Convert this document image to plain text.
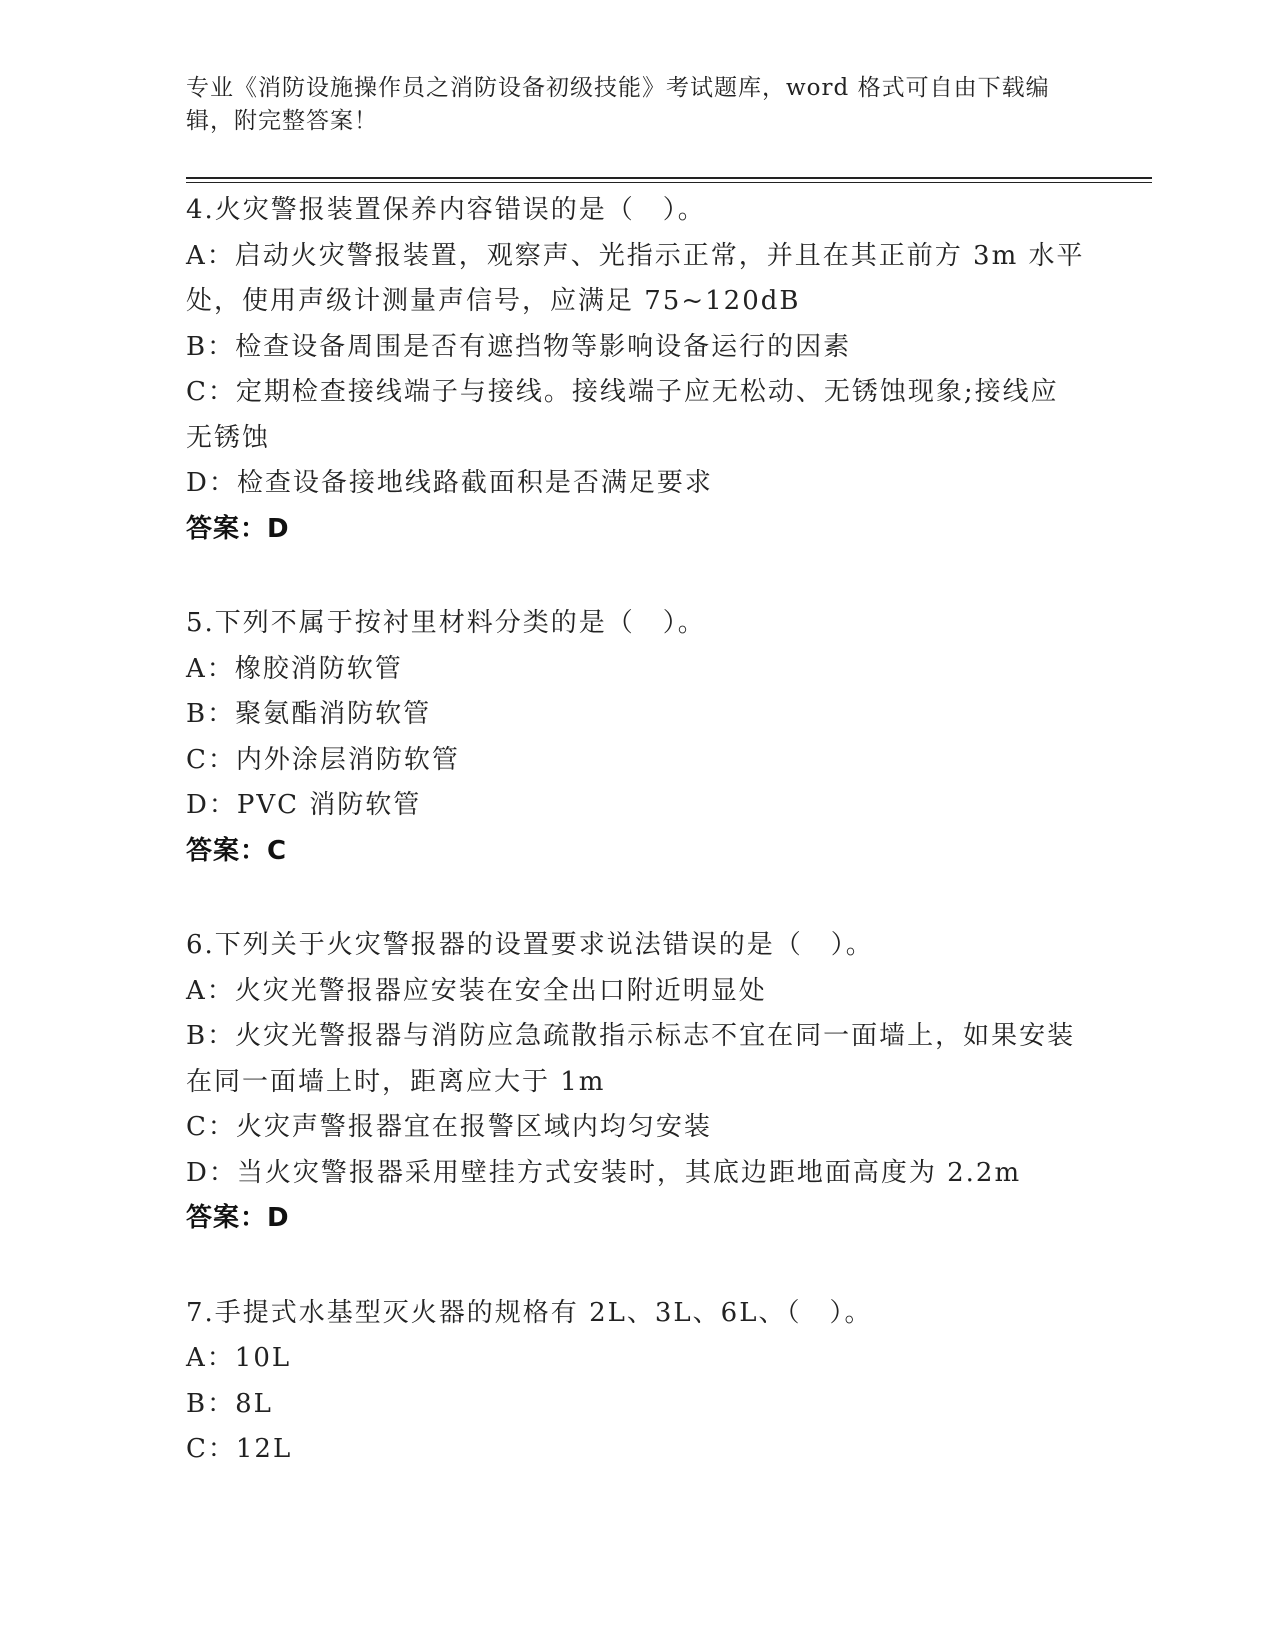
专业《消防设施操作员之消防设备初级技能》考试题库，word 格式可自由下载编辑，附完整答案！

4.火灾警报装置保养内容错误的是（　）。

A：启动火灾警报装置，观察声、光指示正常，并且在其正前方 3m 水平处，使用声级计测量声信号，应满足 75~120dB

B：检查设备周围是否有遮挡物等影响设备运行的因素

C：定期检查接线端子与接线。接线端子应无松动、无锈蚀现象;接线应无锈蚀

D：检查设备接地线路截面积是否满足要求

答案：D

5.下列不属于按衬里材料分类的是（　）。

A：橡胶消防软管

B：聚氨酯消防软管

C：内外涂层消防软管

D：PVC 消防软管

答案：C

6.下列关于火灾警报器的设置要求说法错误的是（　）。

A：火灾光警报器应安装在安全出口附近明显处

B：火灾光警报器与消防应急疏散指示标志不宜在同一面墙上，如果安装在同一面墙上时，距离应大于 1m

C：火灾声警报器宜在报警区域内均匀安装

D：当火灾警报器采用壁挂方式安装时，其底边距地面高度为 2.2m

答案：D

7.手提式水基型灭火器的规格有 2L、3L、6L、（　）。

A：10L

B：8L

C：12L
